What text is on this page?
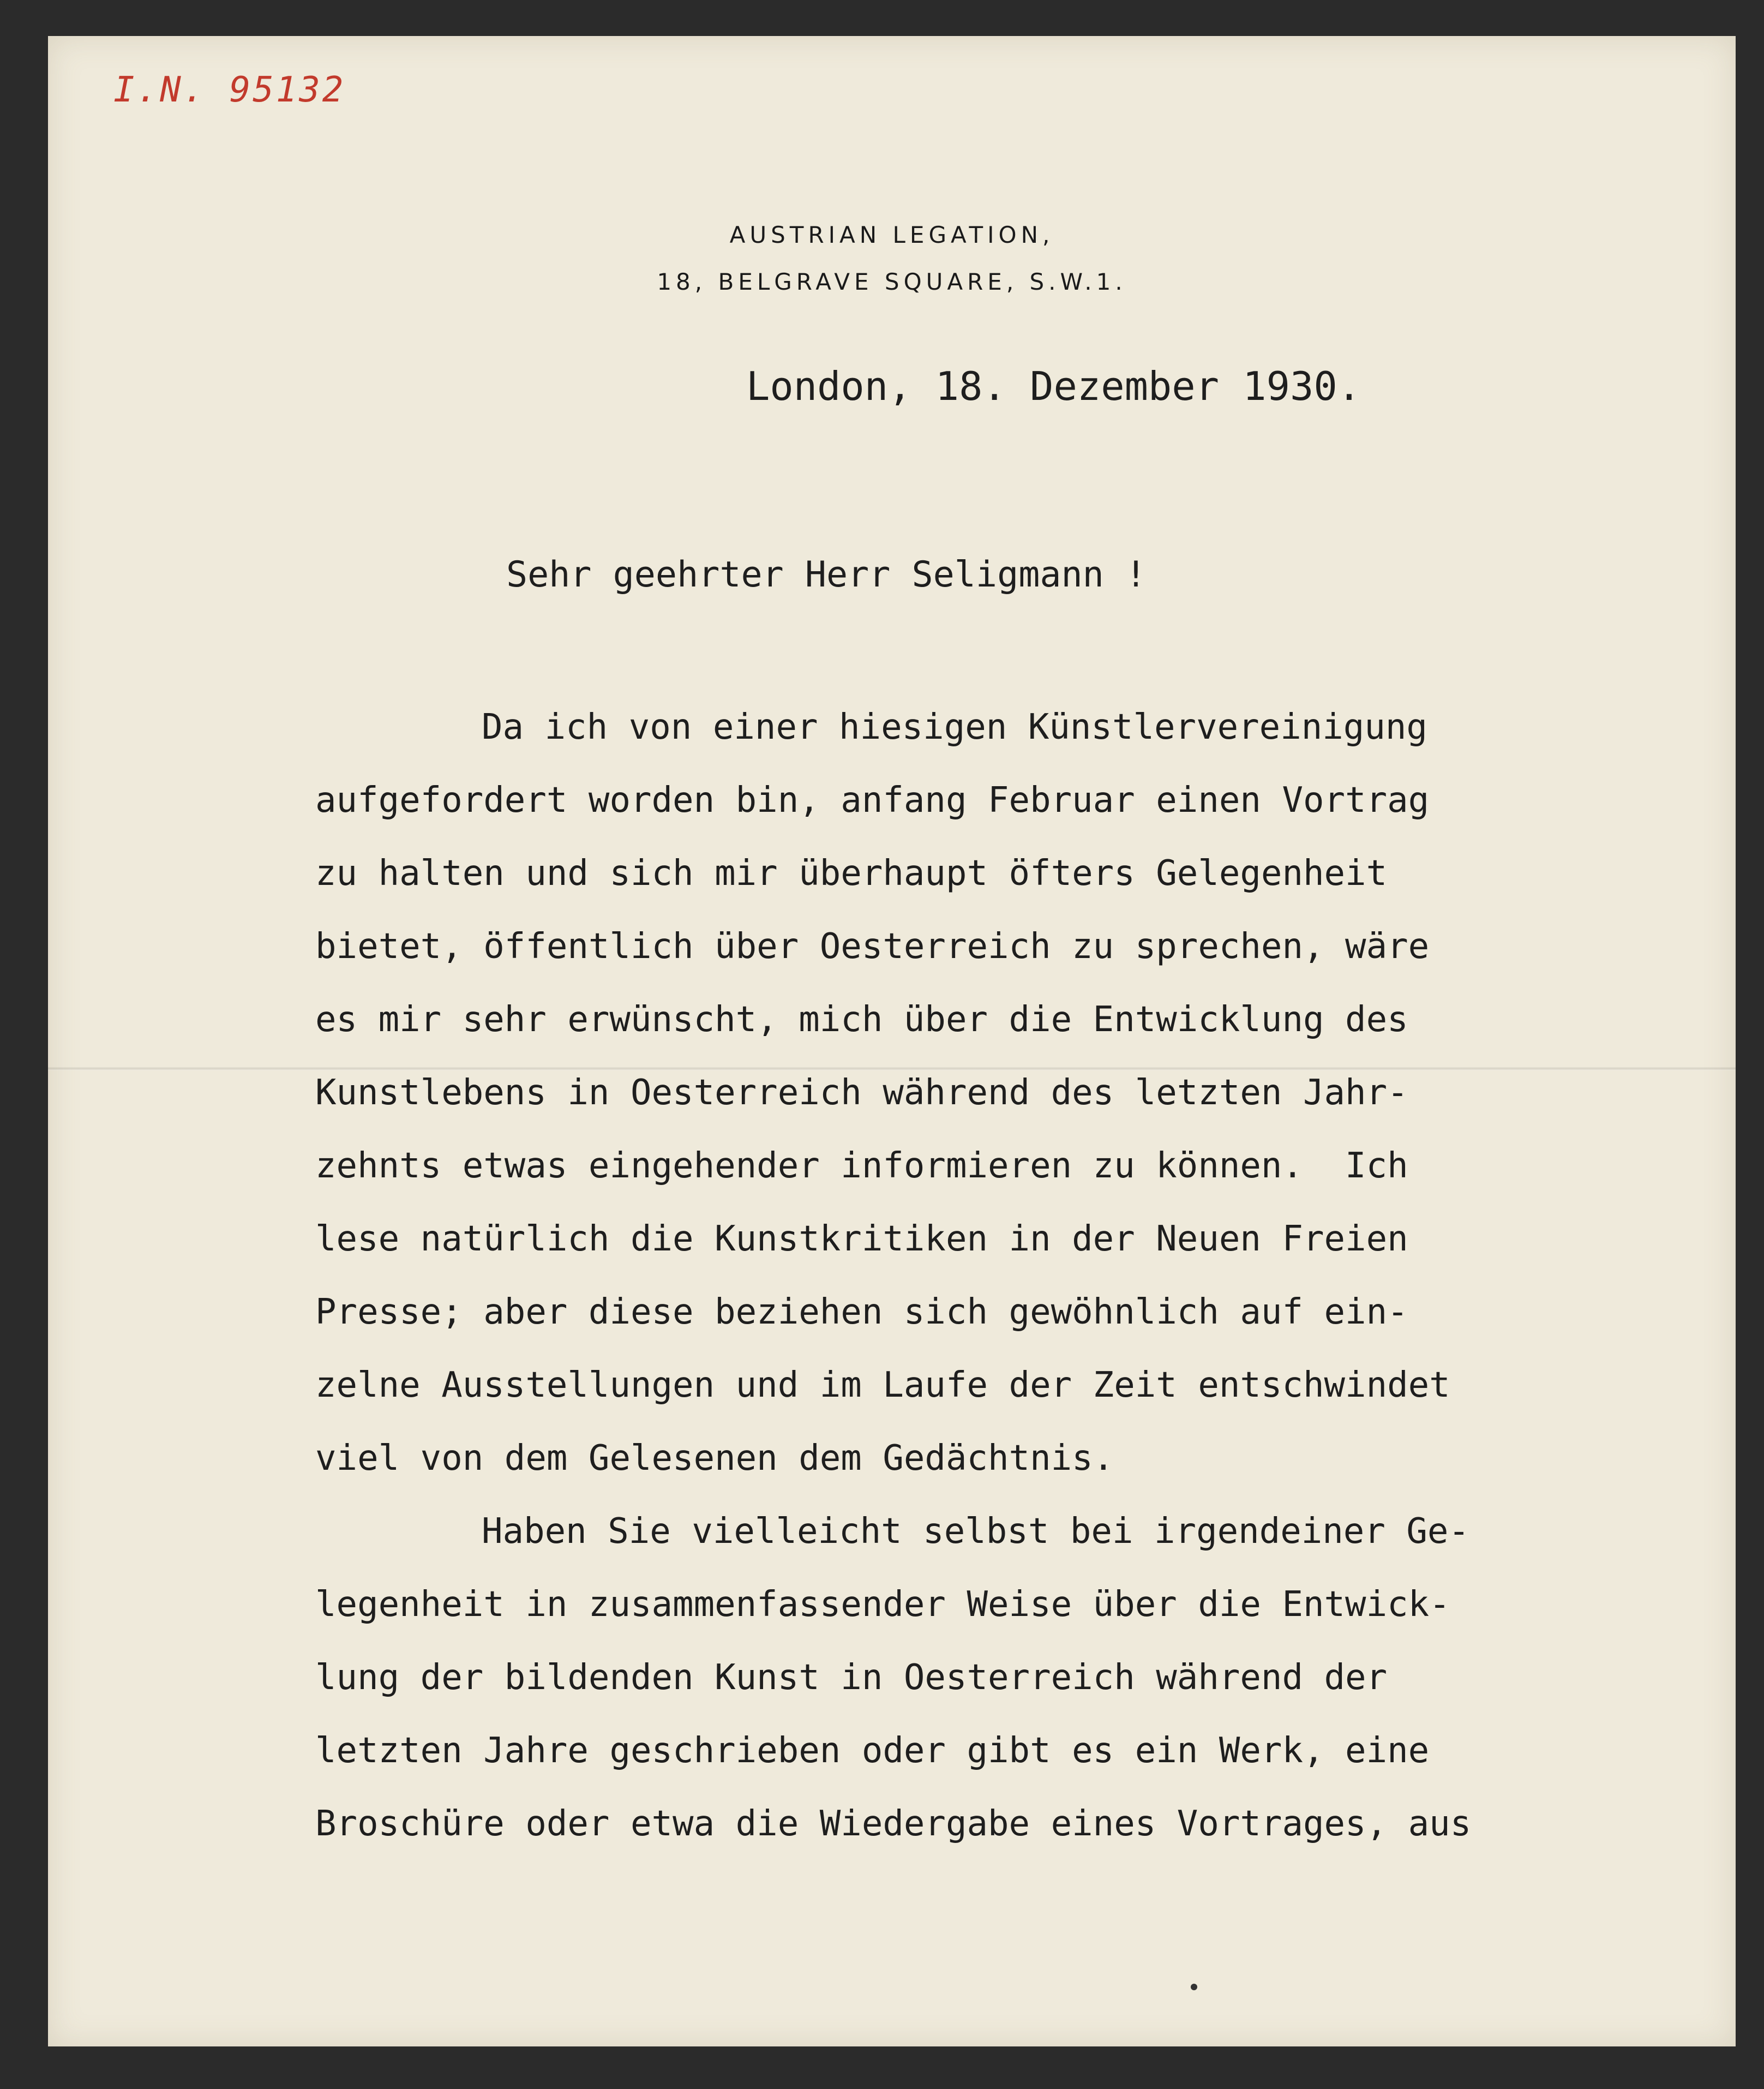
I.N. 95132

AUSTRIAN LEGATION,
18, BELGRAVE SQUARE, S.W.1.

London, 18. Dezember 1930.

Sehr geehrter Herr Seligmann !

Da ich von einer hiesigen Künstlervereinigung

aufgefordert worden bin, anfang Februar einen Vortrag

zu halten und sich mir überhaupt öfters Gelegenheit

bietet, öffentlich über Oesterreich zu sprechen, wäre

es mir sehr erwünscht, mich über die Entwicklung des

Kunstlebens in Oesterreich während des letzten Jahr-

zehnts etwas eingehender informieren zu können.  Ich

lese natürlich die Kunstkritiken in der Neuen Freien

Presse; aber diese beziehen sich gewöhnlich auf ein-

zelne Ausstellungen und im Laufe der Zeit entschwindet

viel von dem Gelesenen dem Gedächtnis.

Haben Sie vielleicht selbst bei irgendeiner Ge-

legenheit in zusammenfassender Weise über die Entwick-

lung der bildenden Kunst in Oesterreich während der

letzten Jahre geschrieben oder gibt es ein Werk, eine

Broschüre oder etwa die Wiedergabe eines Vortrages, aus
